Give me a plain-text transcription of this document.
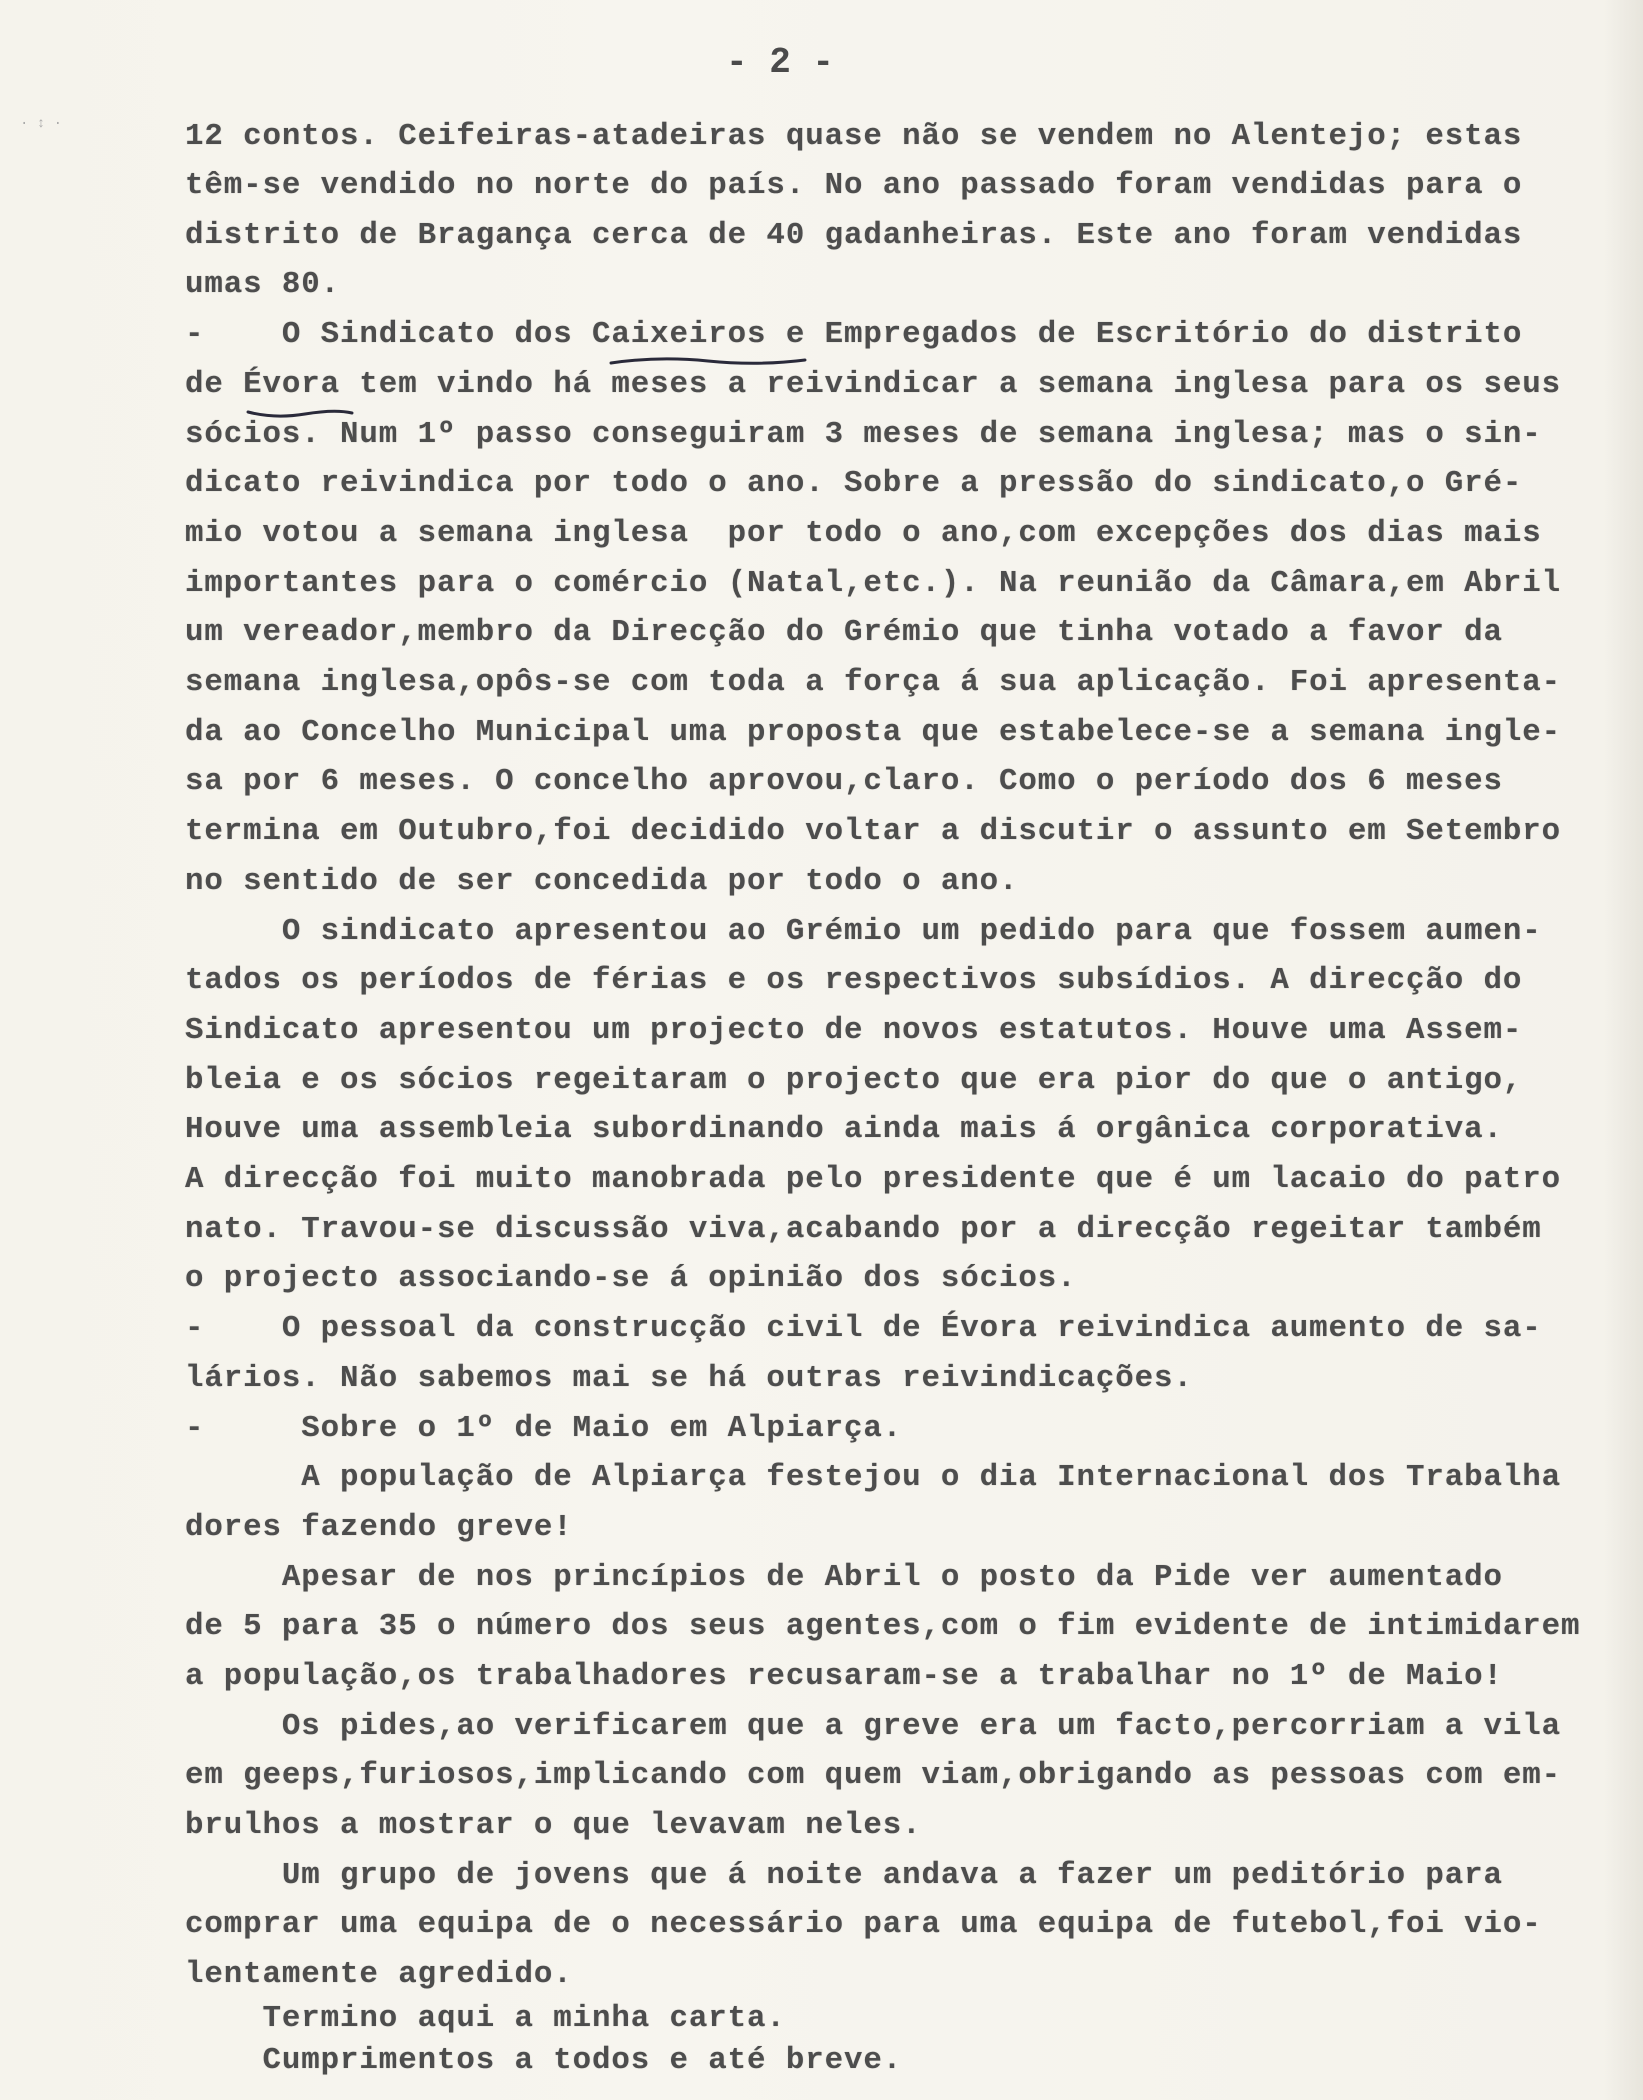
· ↕ ·
- 2 -
12 contos. Ceifeiras-atadeiras quase não se vendem no Alentejo; estas
têm-se vendido no norte do país. No ano passado foram vendidas para o
distrito de Bragança cerca de 40 gadanheiras. Este ano foram vendidas
umas 80.
-    O Sindicato dos Caixeiros e Empregados de Escritório do distrito
de Évora tem vindo há meses a reivindicar a semana inglesa para os seus
sócios. Num 1º passo conseguiram 3 meses de semana inglesa; mas o sin-
dicato reivindica por todo o ano. Sobre a pressão do sindicato,o Gré-
mio votou a semana inglesa  por todo o ano,com excepções dos dias mais
importantes para o comércio (Natal,etc.). Na reunião da Câmara,em Abril
um vereador,membro da Direcção do Grémio que tinha votado a favor da
semana inglesa,opôs-se com toda a força á sua aplicação. Foi apresenta-
da ao Concelho Municipal uma proposta que estabelece-se a semana ingle-
sa por 6 meses. O concelho aprovou,claro. Como o período dos 6 meses
termina em Outubro,foi decidido voltar a discutir o assunto em Setembro
no sentido de ser concedida por todo o ano.
O sindicato apresentou ao Grémio um pedido para que fossem aumen-
tados os períodos de férias e os respectivos subsídios. A direcção do
Sindicato apresentou um projecto de novos estatutos. Houve uma Assem-
bleia e os sócios regeitaram o projecto que era pior do que o antigo,
Houve uma assembleia subordinando ainda mais á orgânica corporativa.
A direcção foi muito manobrada pelo presidente que é um lacaio do patro
nato. Travou-se discussão viva,acabando por a direcção regeitar também
o projecto associando-se á opinião dos sócios.
-    O pessoal da construcção civil de Évora reivindica aumento de sa-
lários. Não sabemos mai se há outras reivindicações.
-     Sobre o 1º de Maio em Alpiarça.
A população de Alpiarça festejou o dia Internacional dos Trabalha
dores fazendo greve!
Apesar de nos princípios de Abril o posto da Pide ver aumentado
de 5 para 35 o número dos seus agentes,com o fim evidente de intimidarem
a população,os trabalhadores recusaram-se a trabalhar no 1º de Maio!
Os pides,ao verificarem que a greve era um facto,percorriam a vila
em geeps,furiosos,implicando com quem viam,obrigando as pessoas com em-
brulhos a mostrar o que levavam neles.
Um grupo de jovens que á noite andava a fazer um peditório para
comprar uma equipa de o necessário para uma equipa de futebol,foi vio-
lentamente agredido.
Termino aqui a minha carta.
Cumprimentos a todos e até breve.
